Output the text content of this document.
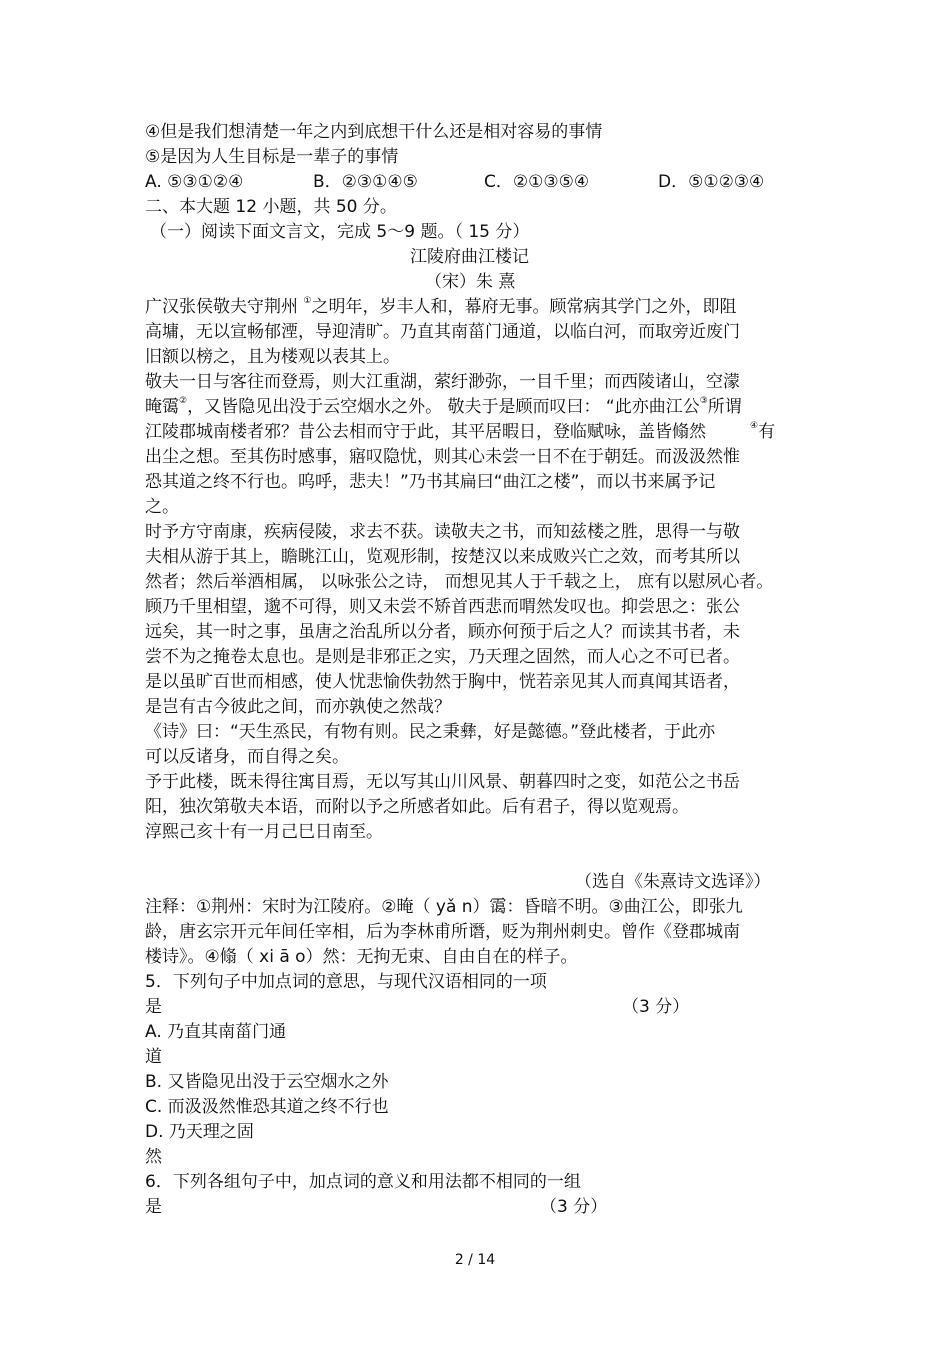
④但是我们想清楚一年之内到底想干什么还是相对容易的事情
⑤是因为人生目标是一辈子的事情
A. ⑤③①②④	B．②③①④⑤	C．②①③⑤④	D．⑤①②③④
二、本大题 12 小题，共 50 分。
（一）阅读下面文言文，完成 5～9 题。（ 15 分）
江陵府曲江楼记
（宋）朱 熹
广汉张侯敬夫守荆州 ①之明年，岁丰人和，幕府无事。顾常病其学门之外，即阻
高墉，无以宣畅郁湮，导迎清旷。乃直其南菑门通道，以临白河，而取旁近废门
旧额以榜之，且为楼观以表其上。
敬夫一日与客往而登焉，则大江重湖，萦纡渺弥，一目千里；而西陵诸山，空濛
晻霭②，又皆隐见出没于云空烟水之外。 敬夫于是顾而叹曰： “此亦曲江公③所谓
江陵郡城南楼者邪？昔公去相而守于此，其平居暇日，登临赋咏，盖皆翛然	④有
出尘之想。至其伤时感事，寤叹隐忧，则其心未尝一日不在于朝廷。而汲汲然惟
恐其道之终不行也。呜呼，悲夫！”乃书其扁曰“曲江之楼”，而以书来属予记
之。
时予方守南康，疾病侵陵，求去不获。读敬夫之书，而知兹楼之胜，思得一与敬
夫相从游于其上，瞻眺江山，览观形制，按楚汉以来成败兴亡之效，而考其所以
然者；然后举酒相属， 以咏张公之诗， 而想见其人于千载之上， 庶有以慰夙心者。
顾乃千里相望，邈不可得，则又未尝不矫首西悲而喟然发叹也。抑尝思之：张公
远矣，其一时之事，虽唐之治乱所以分者，顾亦何预于后之人？而读其书者，未
尝不为之掩卷太息也。是则是非邪正之实，乃天理之固然，而人心之不可已者。
是以虽旷百世而相感，使人忧悲愉佚勃然于胸中，恍若亲见其人而真闻其语者，
是岂有古今彼此之间，而亦孰使之然哉？
《诗》曰：“天生烝民，有物有则。民之秉彝，好是懿德。”登此楼者，于此亦
可以反诸身，而自得之矣。
予于此楼，既未得往寓目焉，无以写其山川风景、朝暮四时之变，如范公之书岳
阳，独次第敬夫本语，而附以予之所感者如此。后有君子，得以览观焉。
淳熙己亥十有一月己巳日南至。
（选自《朱熹诗文选译》）
注释：①荆州：宋时为江陵府。②晻（ yǎ n）霭：昏暗不明。③曲江公，即张九
龄，唐玄宗开元年间任宰相，后为李林甫所谮，贬为荆州刺史。曾作《登郡城南
楼诗》。④翛（ xi ā o）然：无拘无束、自由自在的样子。
5．下列句子中加点词的意思，与现代汉语相同的一项
是	（3 分）
A. 乃直其南菑门通
道
B. 又皆隐见出没于云空烟水之外
C. 而汲汲然惟恐其道之终不行也
D. 乃天理之固
然
6．下列各组句子中，加点词的意义和用法都不相同的一组
是	（3 分）
2 / 14
